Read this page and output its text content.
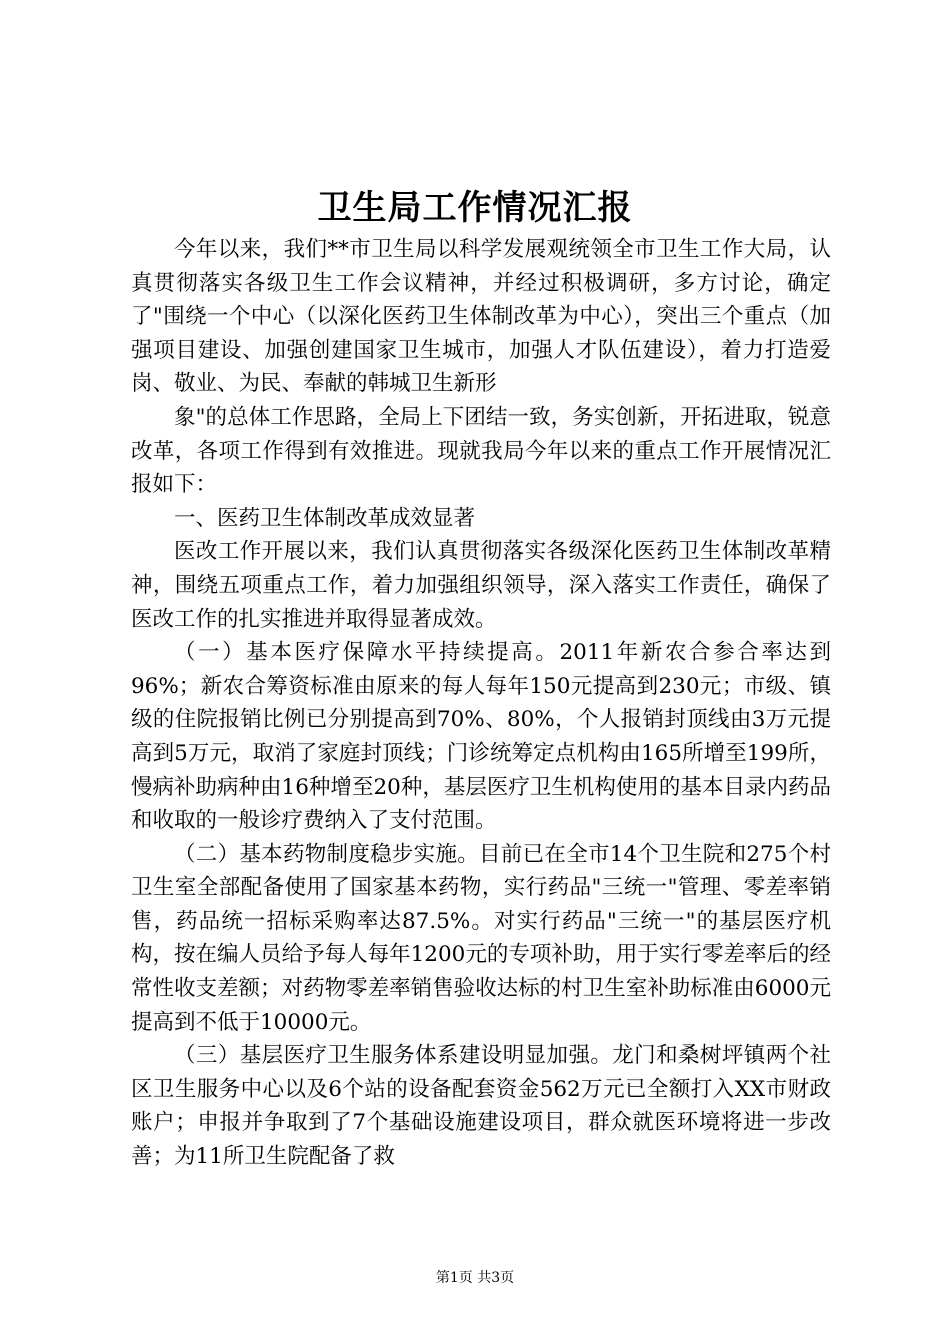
卫生局工作情况汇报

今年以来，我们**市卫生局以科学发展观统领全市卫生工作大局，认真贯彻落实各级卫生工作会议精神，并经过积极调研，多方讨论，确定了"围绕一个中心（以深化医药卫生体制改革为中心），突出三个重点（加强项目建设、加强创建国家卫生城市，加强人才队伍建设），着力打造爱岗、敬业、为民、奉献的韩城卫生新形

象"的总体工作思路，全局上下团结一致，务实创新，开拓进取，锐意改革，各项工作得到有效推进。现就我局今年以来的重点工作开展情况汇报如下：

一、医药卫生体制改革成效显著

医改工作开展以来，我们认真贯彻落实各级深化医药卫生体制改革精神，围绕五项重点工作，着力加强组织领导，深入落实工作责任，确保了医改工作的扎实推进并取得显著成效。

（一）基本医疗保障水平持续提高。2011年新农合参合率达到96%；新农合筹资标准由原来的每人每年150元提高到230元；市级、镇级的住院报销比例已分别提高到70%、80%，个人报销封顶线由3万元提高到5万元，取消了家庭封顶线；门诊统筹定点机构由165所增至199所，慢病补助病种由16种增至20种，基层医疗卫生机构使用的基本目录内药品和收取的一般诊疗费纳入了支付范围。

（二）基本药物制度稳步实施。目前已在全市14个卫生院和275个村卫生室全部配备使用了国家基本药物，实行药品"三统一"管理、零差率销售，药品统一招标采购率达87.5%。对实行药品"三统一"的基层医疗机构，按在编人员给予每人每年1200元的专项补助，用于实行零差率后的经常性收支差额；对药物零差率销售验收达标的村卫生室补助标准由6000元提高到不低于10000元。

（三）基层医疗卫生服务体系建设明显加强。龙门和桑树坪镇两个社区卫生服务中心以及6个站的设备配套资金562万元已全额打入XX市财政账户；申报并争取到了7个基础设施建设项目，群众就医环境将进一步改善；为11所卫生院配备了救

第1页 共3页
